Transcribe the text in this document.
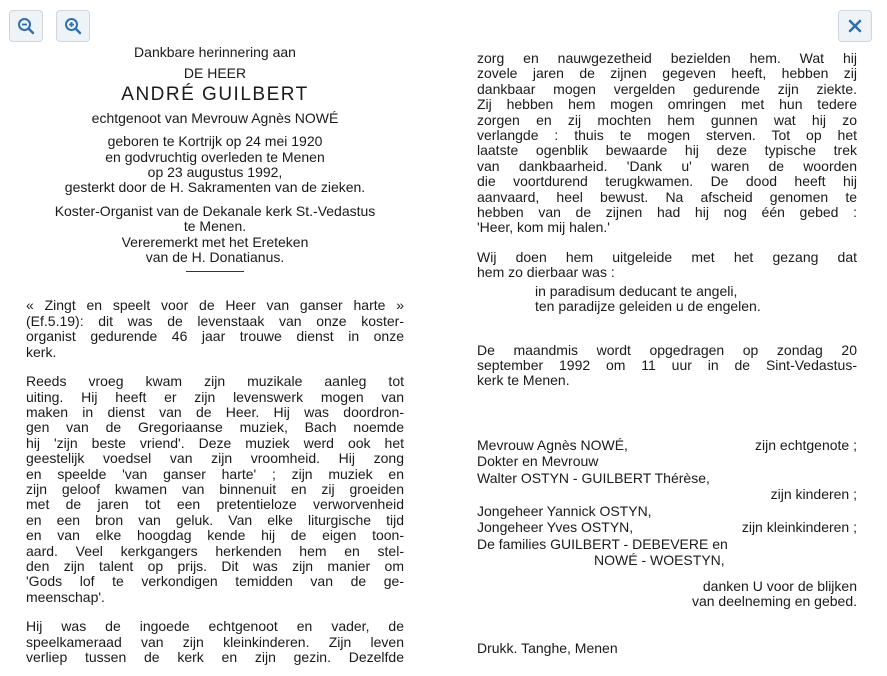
Dankbare herinnering aan
DE HEER
ANDRÉ GUILBERT
echtgenoot van Mevrouw Agnès NOWÉ
geboren te Kortrijk op 24 mei 1920
en godvruchtig overleden te Menen
op 23 augustus 1992,
gesterkt door de H. Sakramenten van de zieken.
Koster-Organist van de Dekanale kerk St.-Vedastus
te Menen.
Vereremerkt met het Ereteken
van de H. Donatianus.
« Zingt en speelt voor de Heer van ganser harte »
(Ef.5.19): dit was de levenstaak van onze koster-
organist gedurende 46 jaar trouwe dienst in onze
kerk.
Reeds vroeg kwam zijn muzikale aanleg tot
uiting. Hij heeft er zijn levenswerk mogen van
maken in dienst van de Heer. Hij was doordron-
gen van de Gregoriaanse muziek, Bach noemde
hij 'zijn beste vriend'. Deze muziek werd ook het
geestelijk voedsel van zijn vroomheid. Hij zong
en speelde 'van ganser harte' ; zijn muziek en
zijn geloof kwamen van binnenuit en zij groeiden
met de jaren tot een pretentieloze verworvenheid
en een bron van geluk. Van elke liturgische tijd
en van elke hoogdag kende hij de eigen toon-
aard. Veel kerkgangers herkenden hem en stel-
den zijn talent op prijs. Dit was zijn manier om
'Gods lof te verkondigen temidden van de ge-
meenschap'.
Hij was de ingoede echtgenoot en vader, de
speelkameraad van zijn kleinkinderen. Zijn leven
verliep tussen de kerk en zijn gezin. Dezelfde
zorg en nauwgezetheid bezielden hem. Wat hij
zovele jaren de zijnen gegeven heeft, hebben zij
dankbaar mogen vergelden gedurende zijn ziekte.
Zij hebben hem mogen omringen met hun tedere
zorgen en zij mochten hem gunnen wat hij zo
verlangde : thuis te mogen sterven. Tot op het
laatste ogenblik bewaarde hij deze typische trek
van dankbaarheid. 'Dank u' waren de woorden
die voortdurend terugkwamen. De dood heeft hij
aanvaard, heel bewust. Na afscheid genomen te
hebben van de zijnen had hij nog één gebed :
'Heer, kom mij halen.'
Wij doen hem uitgeleide met het gezang dat
hem zo dierbaar was :
in paradisum deducant te angeli,
ten paradijze geleiden u de engelen.
De maandmis wordt opgedragen op zondag 20
september 1992 om 11 uur in de Sint-Vedastus-
kerk te Menen.
Mevrouw Agnès NOWÉ,	zijn echtgenote ;
Dokter en Mevrouw
Walter OSTYN - GUILBERT Thérèse,
zijn kinderen ;
Jongeheer Yannick OSTYN,
Jongeheer Yves OSTYN,	zijn kleinkinderen ;
De families GUILBERT - DEBEVERE en
NOWÉ - WOESTYN,
danken U voor de blijken
van deelneming en gebed.
Drukk. Tanghe, Menen
